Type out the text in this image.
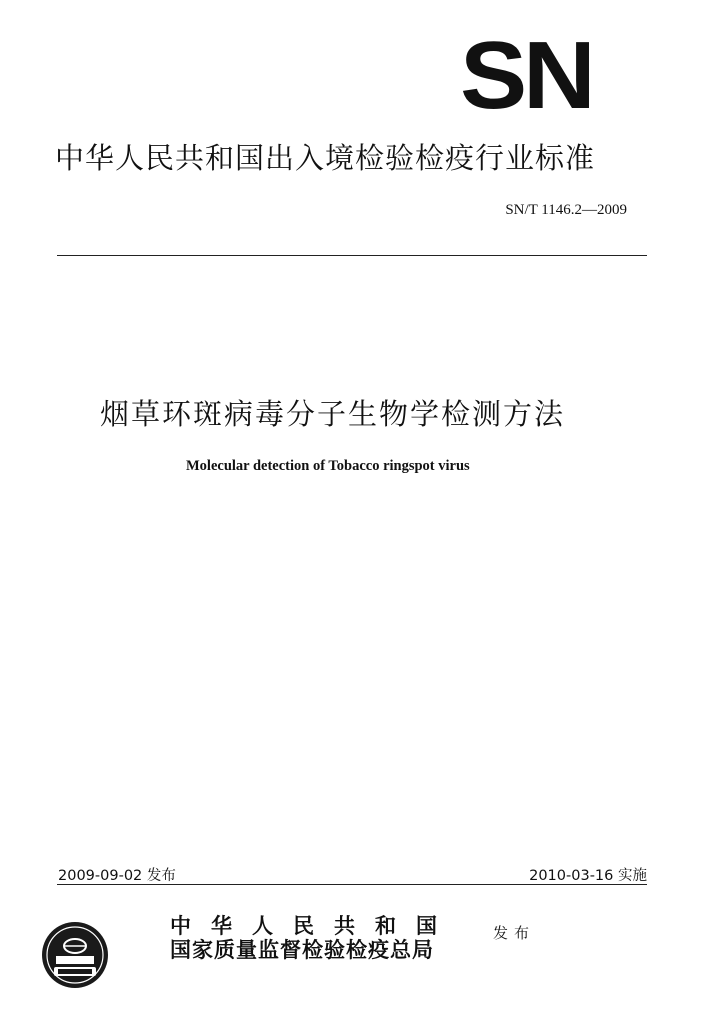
SN
中华人民共和国出入境检验检疫行业标准
SN/T 1146.2—2009
烟草环斑病毒分子生物学检测方法
Molecular detection of Tobacco ringspot virus
2009-09-02 发布	2010-03-16 实施
中华人民共和国
国家质量监督检验检疫总局
发布
